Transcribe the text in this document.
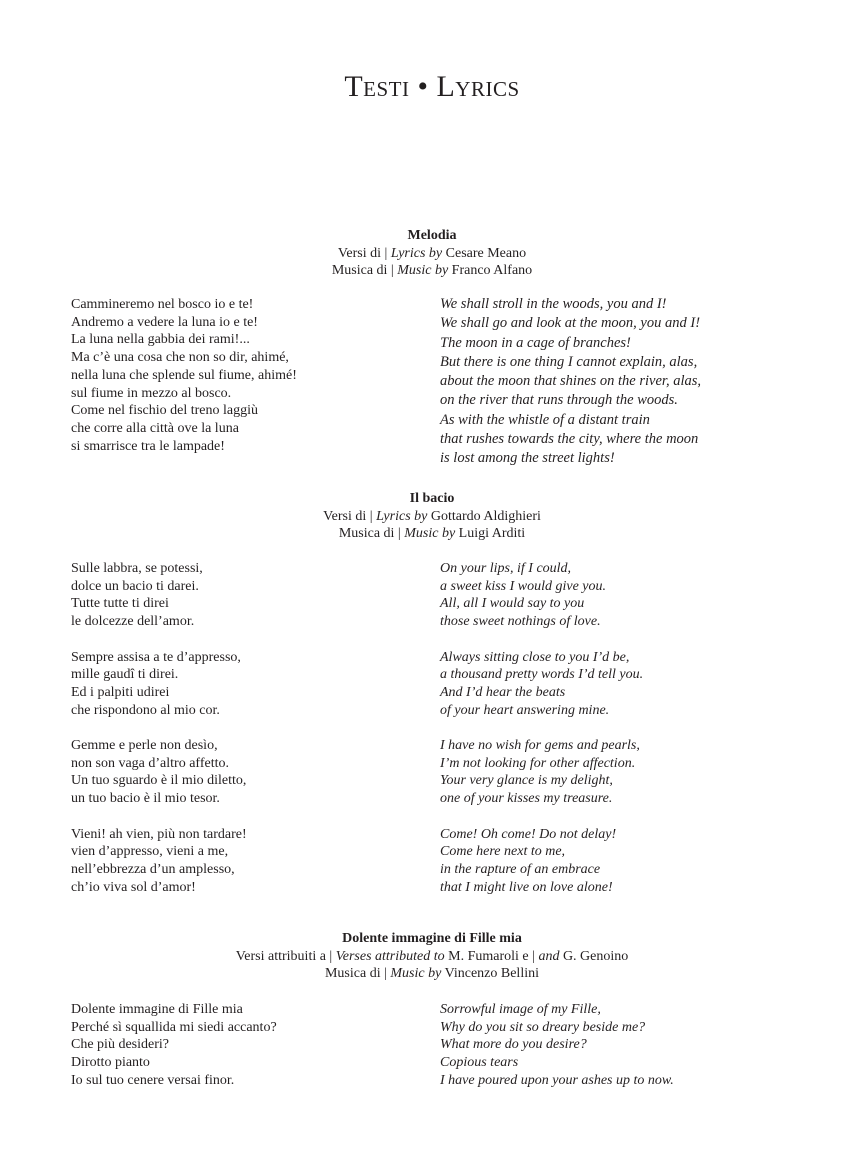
Testi • Lyrics
Melodia
Versi di | Lyrics by Cesare Meano
Musica di | Music by Franco Alfano
Cammineremo nel bosco io e te!
Andremo a vedere la luna io e te!
La luna nella gabbia dei rami!...
Ma c’è una cosa che non so dir, ahimé,
nella luna che splende sul fiume, ahimé!
sul fiume in mezzo al bosco.
Come nel fischio del treno laggiù
che corre alla città ove la luna
si smarrisce tra le lampade!
We shall stroll in the woods, you and I!
We shall go and look at the moon, you and I!
The moon in a cage of branches!
But there is one thing I cannot explain, alas,
about the moon that shines on the river, alas,
on the river that runs through the woods.
As with the whistle of a distant train
that rushes towards the city, where the moon
is lost among the street lights!
Il bacio
Versi di | Lyrics by Gottardo Aldighieri
Musica di | Music by Luigi Arditi
Sulle labbra, se potessi,
dolce un bacio ti darei.
Tutte tutte ti direi
le dolcezze dell’amor.
Sempre assisa a te d’appresso,
mille gaudî ti direi.
Ed i palpiti udirei
che rispondono al mio cor.
Gemme e perle non desìo,
non son vaga d’altro affetto.
Un tuo sguardo è il mio diletto,
un tuo bacio è il mio tesor.
Vieni! ah vien, più non tardare!
vien d’appresso, vieni a me,
nell’ebbrezza d’un amplesso,
ch’io viva sol d’amor!
On your lips, if I could,
a sweet kiss I would give you.
All, all I would say to you
those sweet nothings of love.
Always sitting close to you I’d be,
a thousand pretty words I’d tell you.
And I’d hear the beats
of your heart answering mine.
I have no wish for gems and pearls,
I’m not looking for other affection.
Your very glance is my delight,
one of your kisses my treasure.
Come! Oh come! Do not delay!
Come here next to me,
in the rapture of an embrace
that I might live on love alone!
Dolente immagine di Fille mia
Versi attribuiti a | Verses attributed to M. Fumaroli e | and G. Genoino
Musica di | Music by Vincenzo Bellini
Dolente immagine di Fille mia
Perché sì squallida mi siedi accanto?
Che più desideri?
Dirotto pianto
Io sul tuo cenere versai finor.
Sorrowful image of my Fille,
Why do you sit so dreary beside me?
What more do you desire?
Copious tears
I have poured upon your ashes up to now.
